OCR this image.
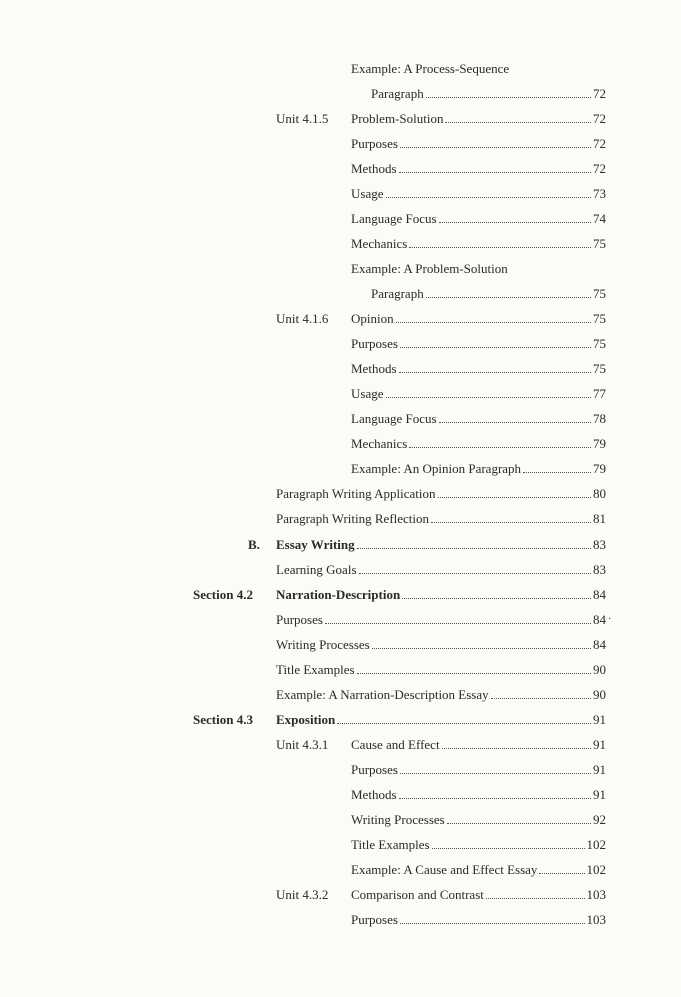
Example: A Process-Sequence
Paragraph	72
Unit 4.1.5 Problem-Solution	72
Purposes	72
Methods	72
Usage	73
Language Focus	74
Mechanics	75
Example: A Problem-Solution
Paragraph	75
Unit 4.1.6 Opinion	75
Purposes	75
Methods	75
Usage	77
Language Focus	78
Mechanics	79
Example: An Opinion Paragraph	79
Paragraph Writing Application	80
Paragraph Writing Reflection	81
B. Essay Writing	83
Learning Goals	83
Section 4.2 Narration-Description	84
Purposes	84 ·
Writing Processes	84
Title Examples	90
Example: A Narration-Description Essay	90
Section 4.3 Exposition	91
Unit 4.3.1 Cause and Effect	91
Purposes	91
Methods	91
Writing Processes	92
Title Examples	102
Example: A Cause and Effect Essay	102
Unit 4.3.2 Comparison and Contrast	103
Purposes	103
